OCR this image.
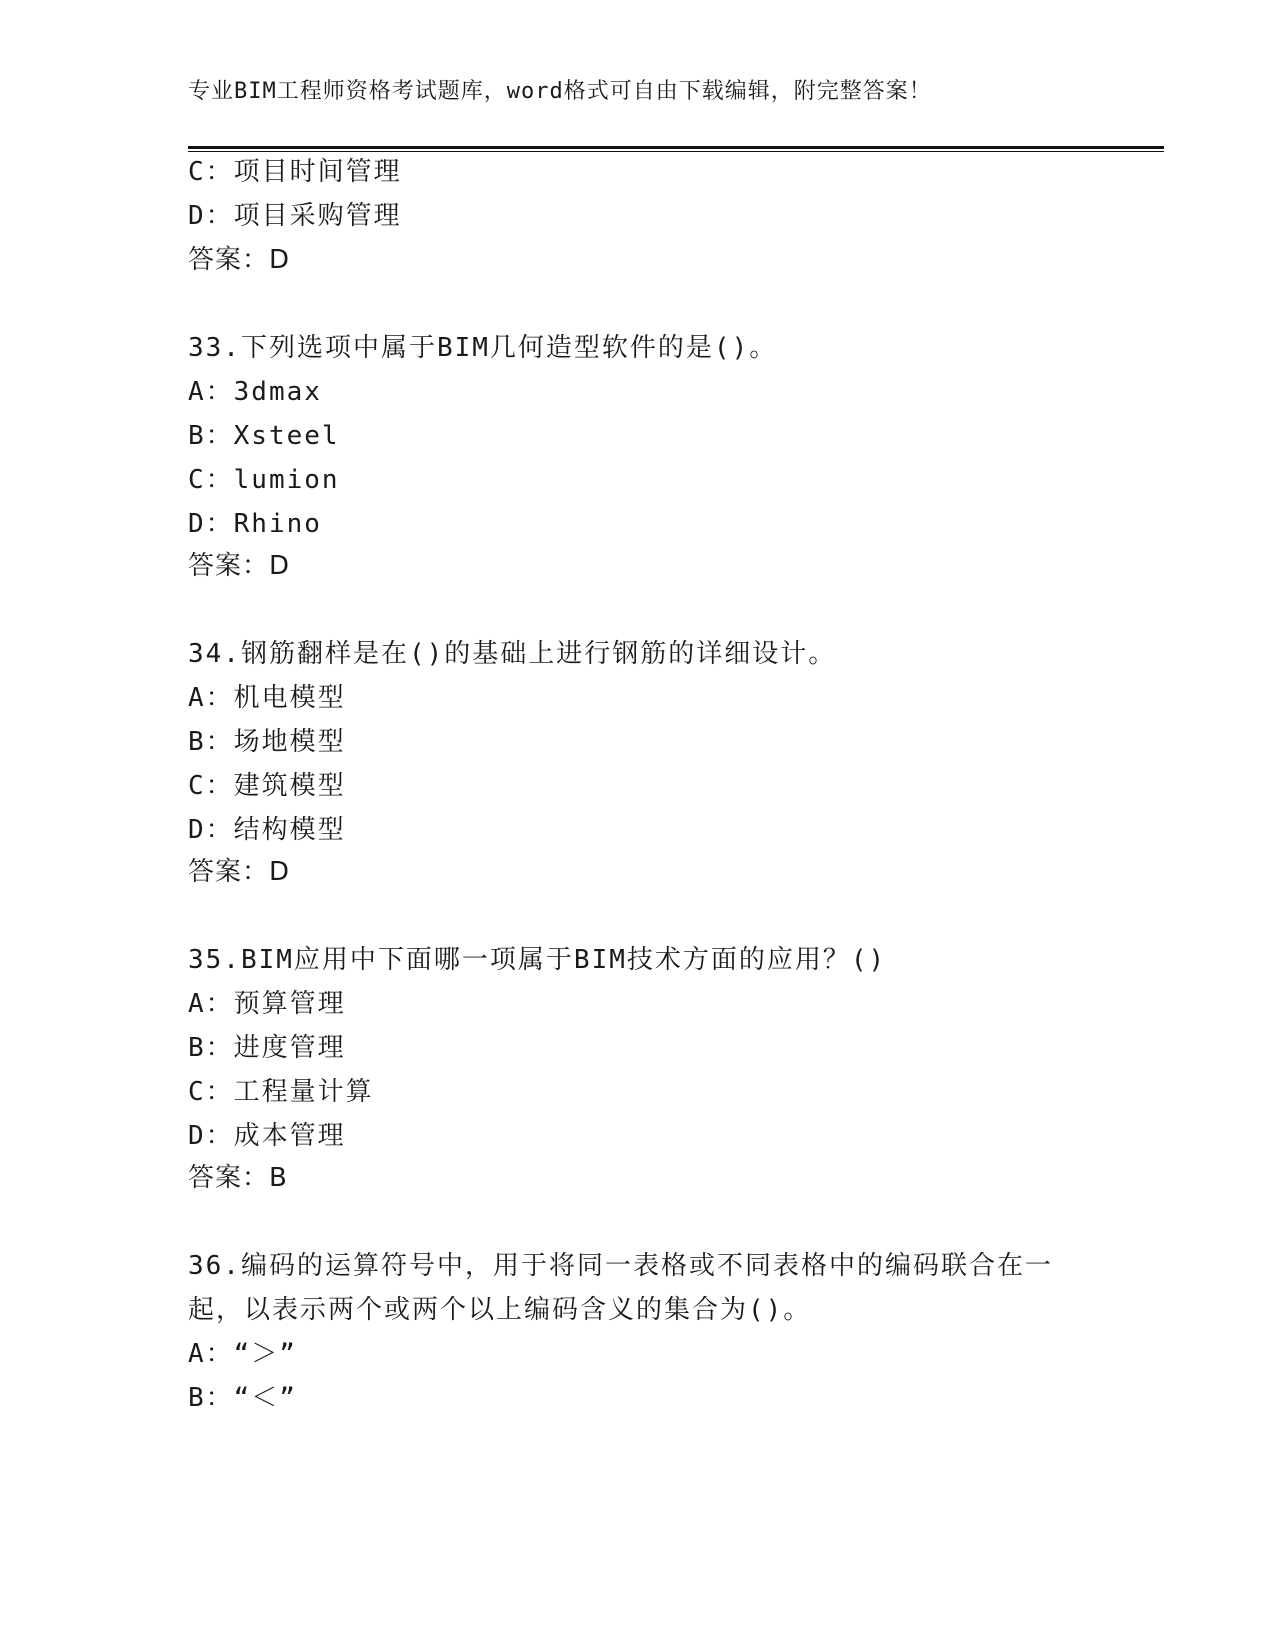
专业BIM工程师资格考试题库，word格式可自由下载编辑，附完整答案！
C：项目时间管理
D：项目采购管理
答案：D
33.下列选项中属于BIM几何造型软件的是()。
A：3dmax
B：Xsteel
C：lumion
D：Rhino
答案：D
34.钢筋翻样是在()的基础上进行钢筋的详细设计。
A：机电模型
B：场地模型
C：建筑模型
D：结构模型
答案：D
35.BIM应用中下面哪一项属于BIM技术方面的应用？()
A：预算管理
B：进度管理
C：工程量计算
D：成本管理
答案：B
36.编码的运算符号中，用于将同一表格或不同表格中的编码联合在一
起，以表示两个或两个以上编码含义的集合为()。
A：“＞”
B：“＜”
